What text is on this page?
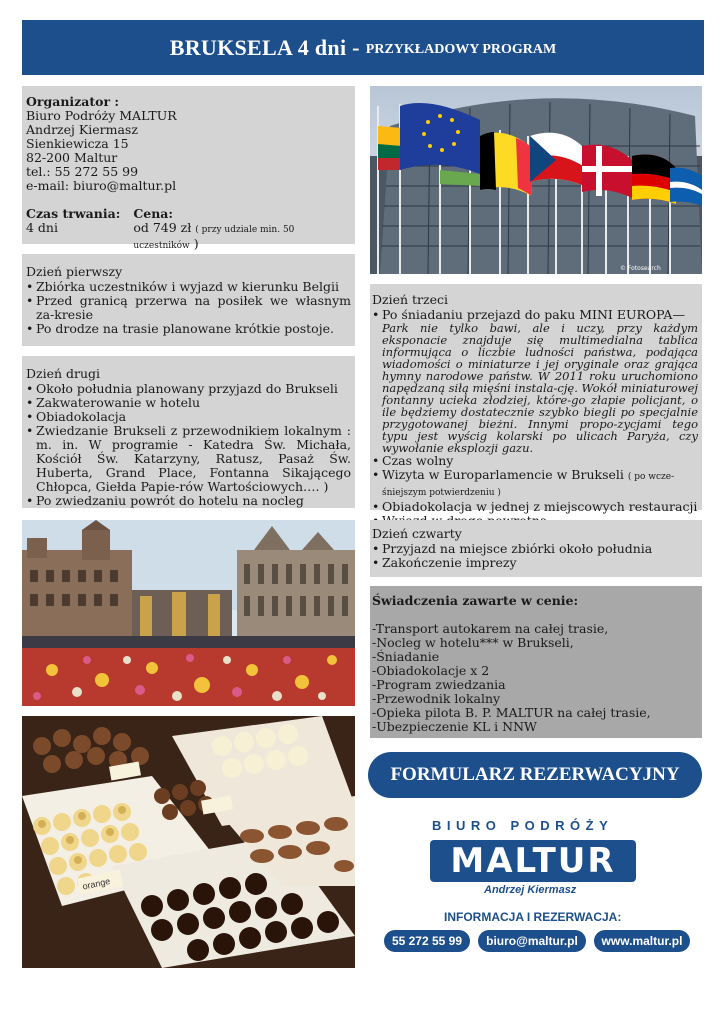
BRUKSELA 4 dni - PRZYKŁADOWY PROGRAM
Organizator :
Biuro Podróży MALTUR
Andrzej Kiermasz
Sienkiewicza 15
82-200 Maltur
tel.: 55 272 55 99
e-mail: biuro@maltur.pl
Czas trwania:
4 dni
Cena:
od 749 zł ( przy udziale min. 50 uczestników )
© Fotosearch
Dzień pierwszy
• Zbiórka uczestników i wyjazd w kierunku Belgii
• Przed granicą przerwa na posiłek we własnym za-kresie
• Po drodze na trasie planowane krótkie postoje.
Dzień drugi
• Około południa planowany przyjazd do Brukseli
• Zakwaterowanie w hotelu
• Obiadokolacja
• Zwiedzanie Brukseli z przewodnikiem lokalnym : m. in. W programie - Katedra Św. Michała, Kościół Św. Katarzyny, Ratusz, Pasaż Św. Huberta, Grand Place, Fontanna Sikającego Chłopca, Giełda Papie-rów Wartościowych…. )
• Po zwiedzaniu powrót do hotelu na nocleg
Dzień trzeci
• Po śniadaniu przejazd do paku MINI EUROPA—
Park nie tylko bawi, ale i uczy, przy każdym eksponacie znajduje się multimedialna tablica informująca o liczbie ludności państwa, podająca wiadomości o miniaturze i jej oryginale oraz grająca hymny narodowe państw. W 2011 roku uruchomiono napędzaną siłą mięśni instala-cję. Wokół miniaturowej fontanny ucieka złodziej, które-go złapie policjant, o ile będziemy dostatecznie szybko biegli po specjalnie przygotowanej bieżni. Innymi propo-zycjami tego typu jest wyścig kolarski po ulicach Paryża, czy wywołanie eksplozji gazu.
• Czas wolny
• Wizyta w Europarlamencie w Brukseli ( po wcze-śniejszym potwierdzeniu )
• Obiadokolacja w jednej z miejscowych restauracji
•
Dzień czwarty
• Przyjazd na miejsce zbiórki około południa
• Zakończenie imprezy
Świadczenia zawarte w cenie:
-Transport autokarem na całej trasie,
-Nocleg w hotelu*** w Brukseli,
-Śniadanie
-Obiadokolacje x 2
-Program zwiedzania
-Przewodnik lokalny
-Opieka pilota B. P. MALTUR na całej trasie,
-Ubezpieczenie KL i NNW
orange
FORMULARZ REZERWACYJNY
BIURO PODRÓŻY
MALTUR
Andrzej Kiermasz
INFORMACJA I REZERWACJA:
55 272 55 99	biuro@maltur.pl	www.maltur.pl
